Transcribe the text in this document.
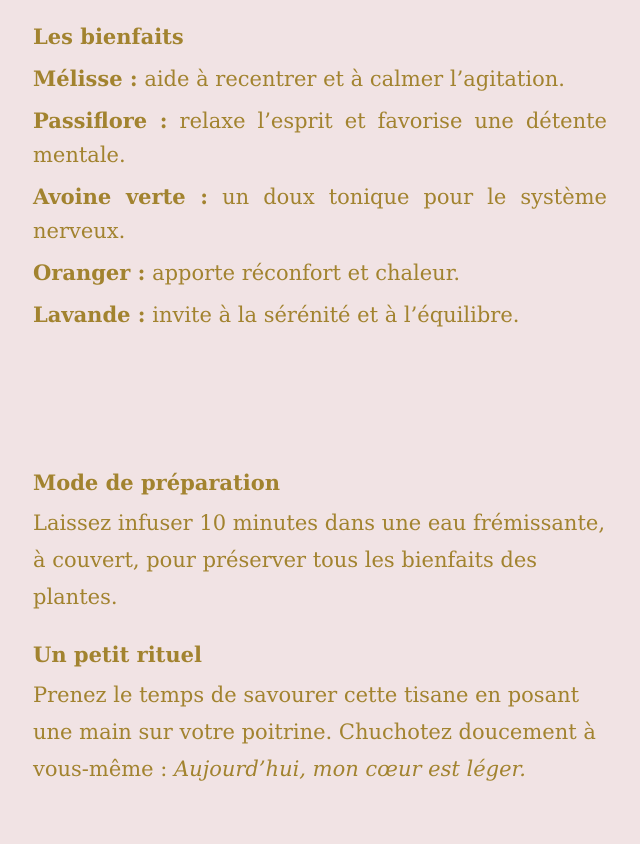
Les bienfaits

Mélisse : aide à recentrer et à calmer l’agitation.

Passiflore : relaxe l’esprit et favorise une détente mentale.

Avoine verte : un doux tonique pour le système nerveux.

Oranger : apporte réconfort et chaleur.

Lavande : invite à la sérénité et à l’équilibre.

Mode de préparation

Laissez infuser 10 minutes dans une eau frémissante, à couvert, pour préserver tous les bienfaits des plantes.

Un petit rituel

Prenez le temps de savourer cette tisane en posant une main sur votre poitrine. Chuchotez doucement à vous-même : Aujourd’hui, mon cœur est léger.
